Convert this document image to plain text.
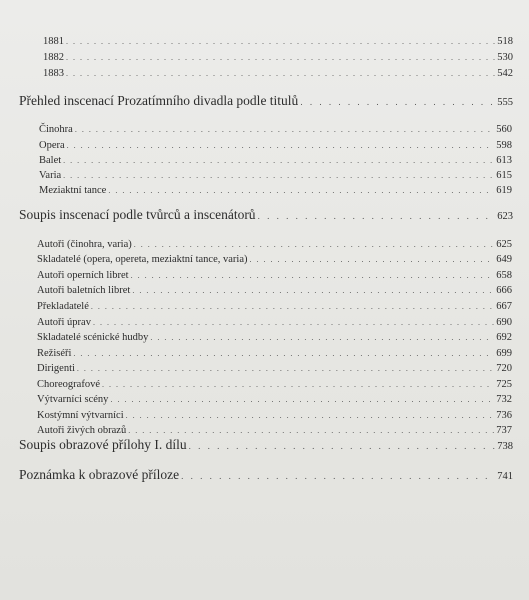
1881 . . .	518
1882 . . .	530
1883 . . .	542
Přehled inscenací Prozatímního divadla podle titulů . . .	555
Činohra . . .	560
Opera . . .	598
Balet . . .	613
Varia . . .	615
Meziaktní tance . . .	619
Soupis inscenací podle tvůrců a inscenátorů . . .	623
Autoři (činohra, varia) . . .	625
Skladatelé (opera, opereta, meziaktní tance, varia) . . .	649
Autoři operních libret . . .	658
Autoři baletních libret . . .	666
Překladatelé . . .	667
Autoři úprav . . .	690
Skladatelé scénické hudby . . .	692
Režiséři . . .	699
Dirigenti . . .	720
Choreografové . . .	725
Výtvarníci scény . . .	732
Kostýmní výtvarníci . . .	736
Autoři živých obrazů . . .	737
Soupis obrazové přílohy I. dílu . . .	738
Poznámka k obrazové příloze . . .	741
